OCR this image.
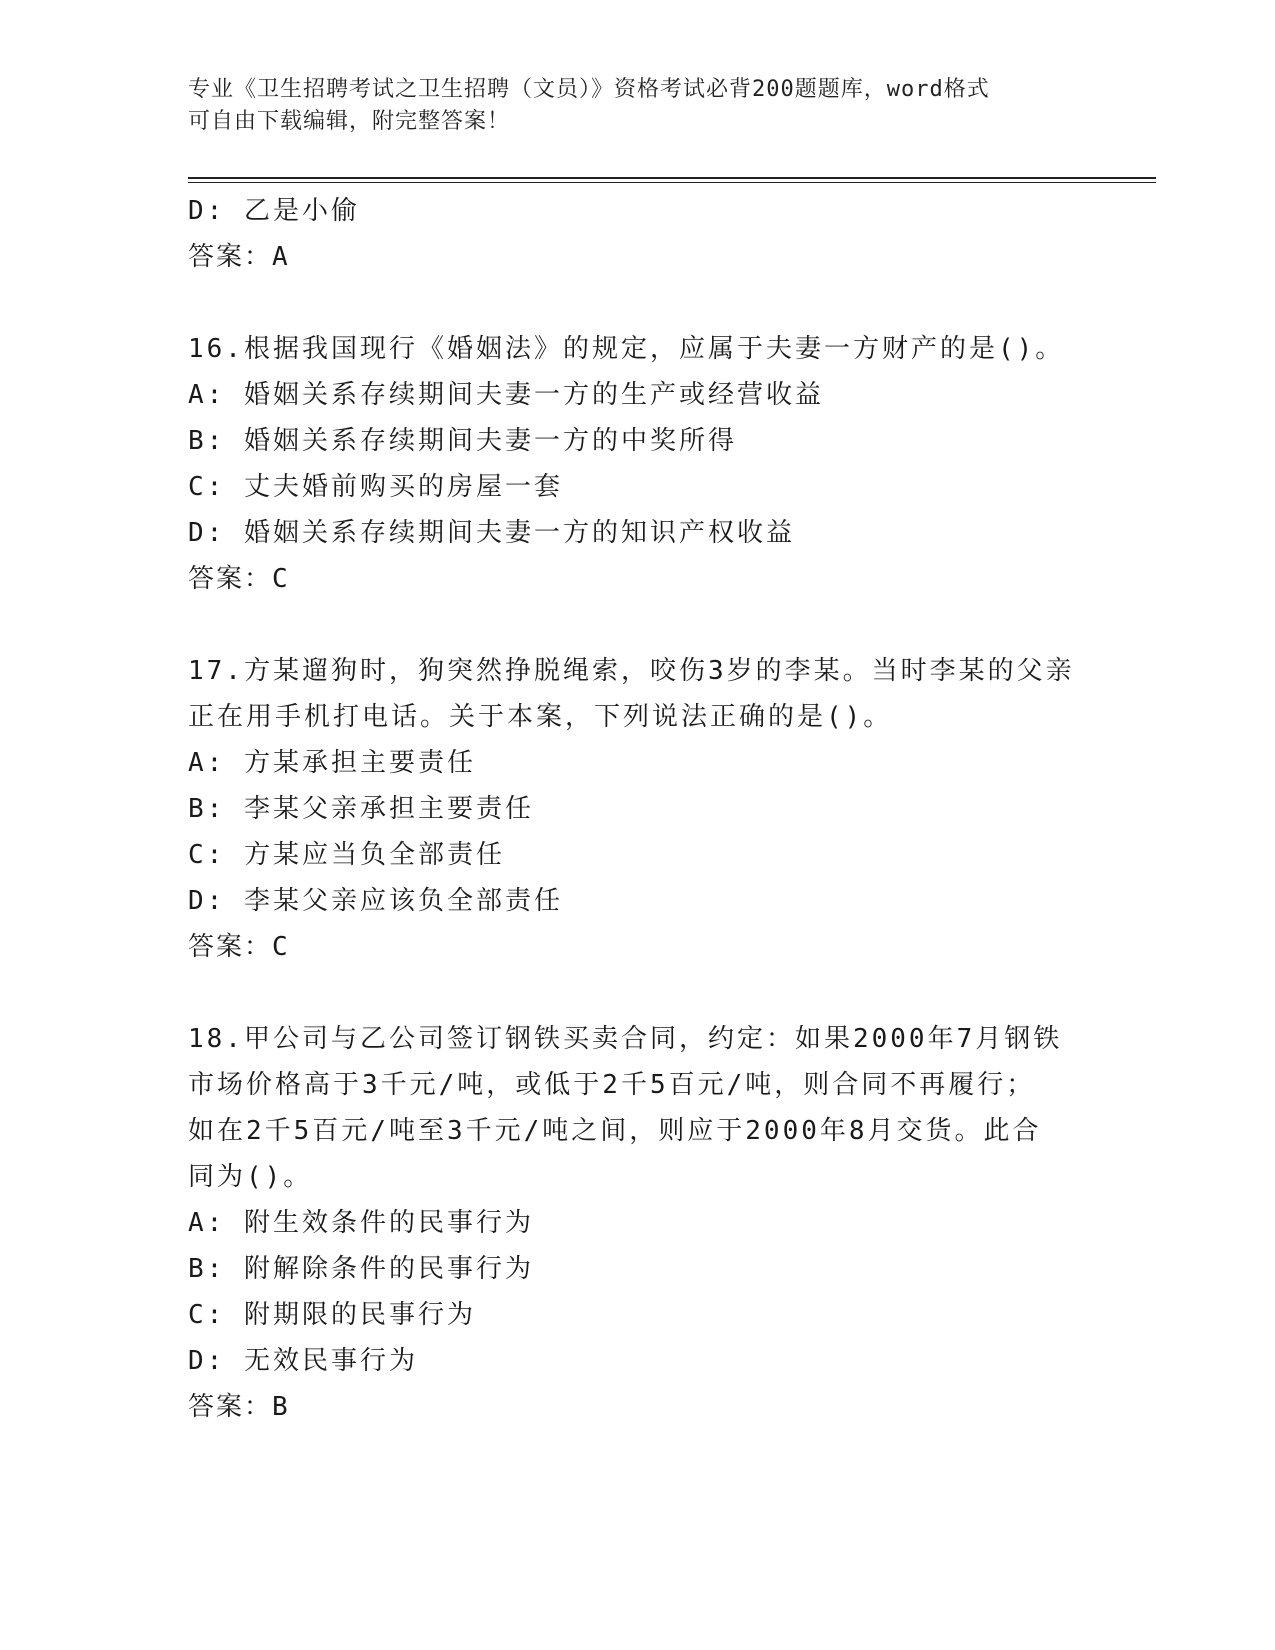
专业《卫生招聘考试之卫生招聘（文员）》资格考试必背200题题库，word格式
可自由下载编辑，附完整答案！
D: 乙是小偷
答案：A
16.根据我国现行《婚姻法》的规定，应属于夫妻一方财产的是()。
A: 婚姻关系存续期间夫妻一方的生产或经营收益
B: 婚姻关系存续期间夫妻一方的中奖所得
C: 丈夫婚前购买的房屋一套
D: 婚姻关系存续期间夫妻一方的知识产权收益
答案：C
17.方某遛狗时，狗突然挣脱绳索，咬伤3岁的李某。当时李某的父亲
正在用手机打电话。关于本案，下列说法正确的是()。
A: 方某承担主要责任
B: 李某父亲承担主要责任
C: 方某应当负全部责任
D: 李某父亲应该负全部责任
答案：C
18.甲公司与乙公司签订钢铁买卖合同，约定：如果2000年7月钢铁
市场价格高于3千元/吨，或低于2千5百元/吨，则合同不再履行；
如在2千5百元/吨至3千元/吨之间，则应于2000年8月交货。此合
同为()。
A: 附生效条件的民事行为
B: 附解除条件的民事行为
C: 附期限的民事行为
D: 无效民事行为
答案：B
